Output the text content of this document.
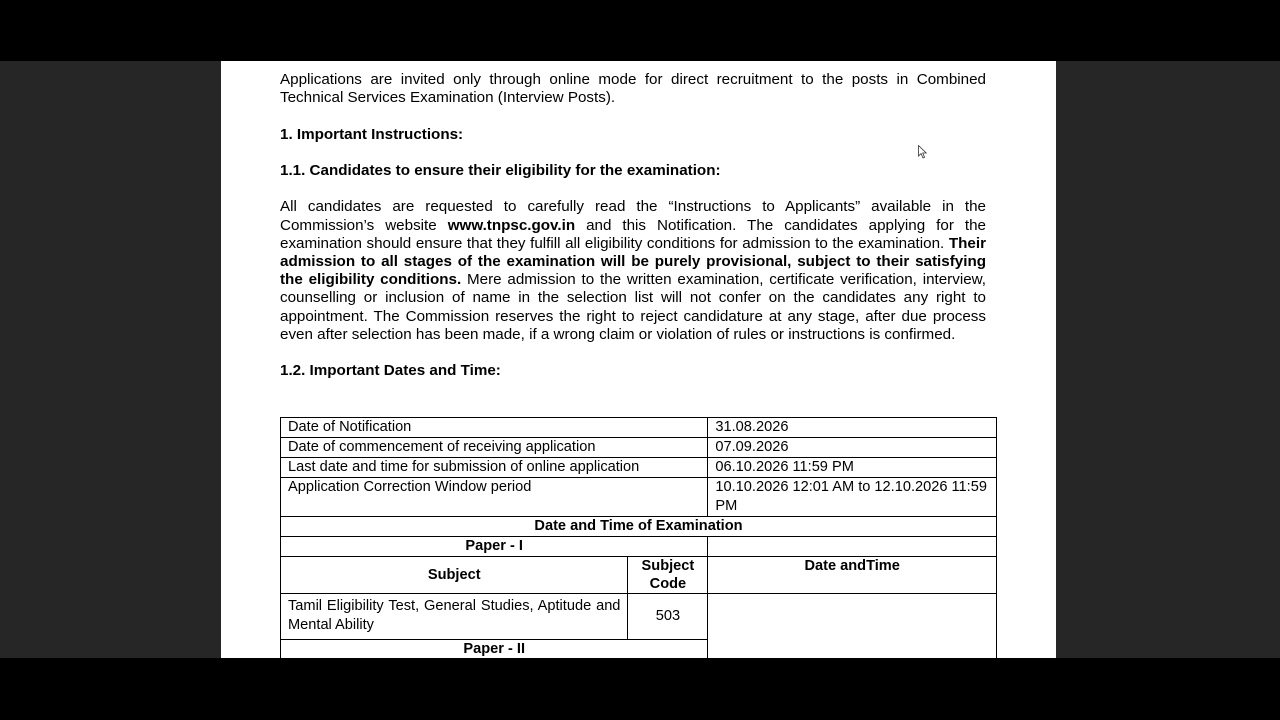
Applications are invited only through online mode for direct recruitment to the posts in Combined Technical Services Examination (Interview Posts).

1. Important Instructions:

1.1. Candidates to ensure their eligibility for the examination:

All candidates are requested to carefully read the “Instructions to Applicants” available in the Commission’s website www.tnpsc.gov.in and this Notification. The candidates applying for the examination should ensure that they fulfill all eligibility conditions for admission to the examination. Their admission to all stages of the examination will be purely provisional, subject to their satisfying the eligibility conditions. Mere admission to the written examination, certificate verification, interview, counselling or inclusion of name in the selection list will not confer on the candidates any right to appointment. The Commission reserves the right to reject candidature at any stage, after due process even after selection has been made, if a wrong claim or violation of rules or instructions is confirmed.

1.2. Important Dates and Time:

Date of Notification		31.08.2026
Date of commencement of receiving application		07.09.2026
Last date and time for submission of online application		06.10.2026 11:59 PM
Application Correction Window period		10.10.2026 12:01 AM to 12.10.2026 11:59 PM
Date and Time of Examination		
Paper - I		
Subject	Subject Code	Date andTime
Tamil Eligibility Test, General Studies, Aptitude and Mental Ability	503	
Paper - II		
